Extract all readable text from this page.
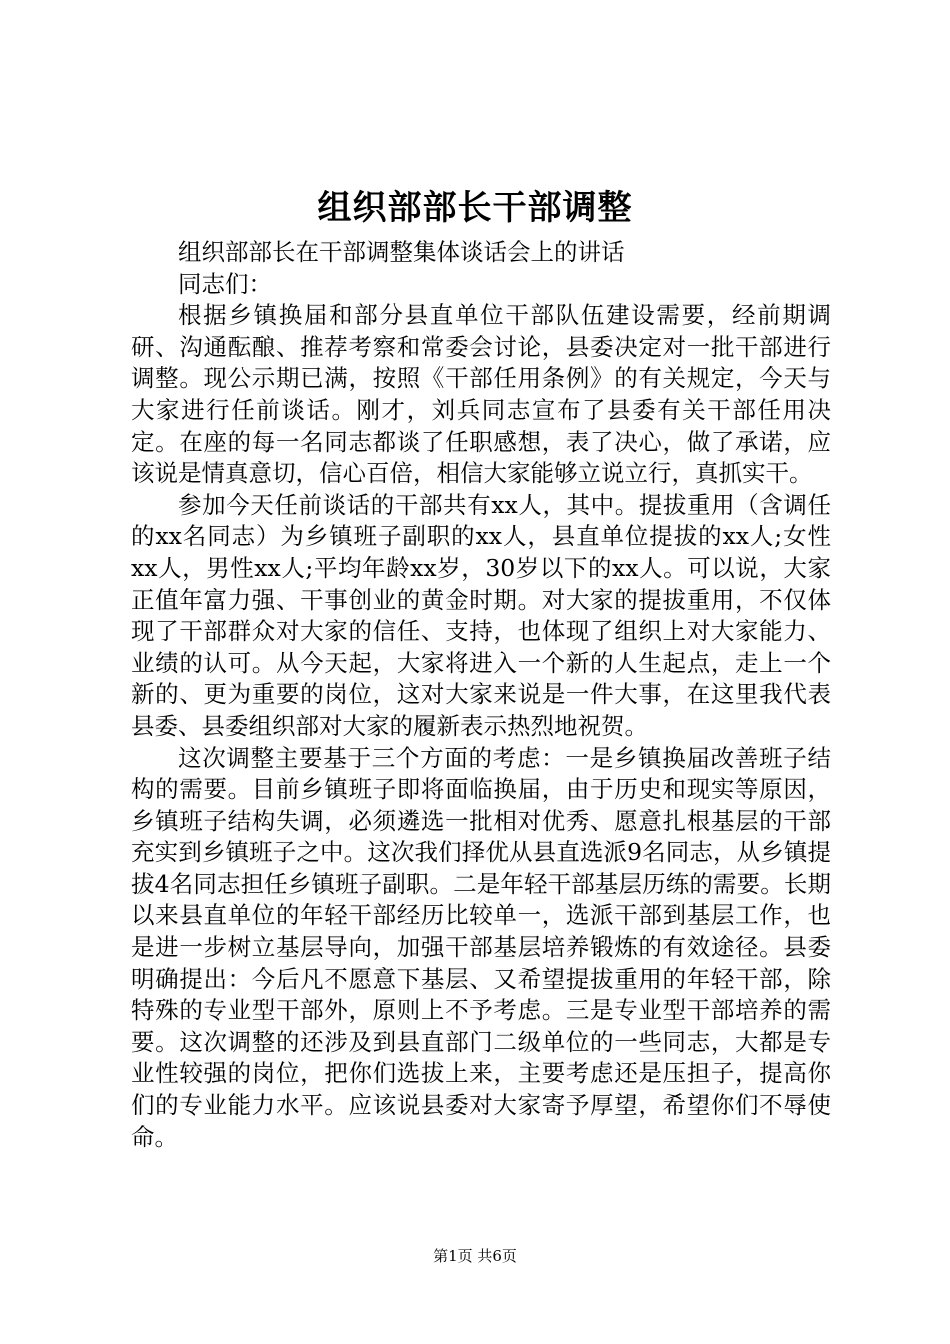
组织部部长干部调整

组织部部长在干部调整集体谈话会上的讲话

同志们：

根据乡镇换届和部分县直单位干部队伍建设需要，经前期调研、沟通酝酿、推荐考察和常委会讨论，县委决定对一批干部进行调整。现公示期已满，按照《干部任用条例》的有关规定，今天与大家进行任前谈话。刚才，刘兵同志宣布了县委有关干部任用决定。在座的每一名同志都谈了任职感想，表了决心，做了承诺，应该说是情真意切，信心百倍，相信大家能够立说立行，真抓实干。

参加今天任前谈话的干部共有xx人，其中。提拔重用（含调任的xx名同志）为乡镇班子副职的xx人，县直单位提拔的xx人;女性xx人，男性xx人;平均年龄xx岁，30岁以下的xx人。可以说，大家正值年富力强、干事创业的黄金时期。对大家的提拔重用，不仅体现了干部群众对大家的信任、支持，也体现了组织上对大家能力、业绩的认可。从今天起，大家将进入一个新的人生起点，走上一个新的、更为重要的岗位，这对大家来说是一件大事，在这里我代表县委、县委组织部对大家的履新表示热烈地祝贺。

这次调整主要基于三个方面的考虑：一是乡镇换届改善班子结构的需要。目前乡镇班子即将面临换届，由于历史和现实等原因，乡镇班子结构失调，必须遴选一批相对优秀、愿意扎根基层的干部充实到乡镇班子之中。这次我们择优从县直选派9名同志，从乡镇提拔4名同志担任乡镇班子副职。二是年轻干部基层历练的需要。长期以来县直单位的年轻干部经历比较单一，选派干部到基层工作，也是进一步树立基层导向，加强干部基层培养锻炼的有效途径。县委明确提出：今后凡不愿意下基层、又希望提拔重用的年轻干部，除特殊的专业型干部外，原则上不予考虑。三是专业型干部培养的需要。这次调整的还涉及到县直部门二级单位的一些同志，大都是专业性较强的岗位，把你们选拔上来，主要考虑还是压担子，提高你们的专业能力水平。应该说县委对大家寄予厚望，希望你们不辱使命。

第1页 共6页
